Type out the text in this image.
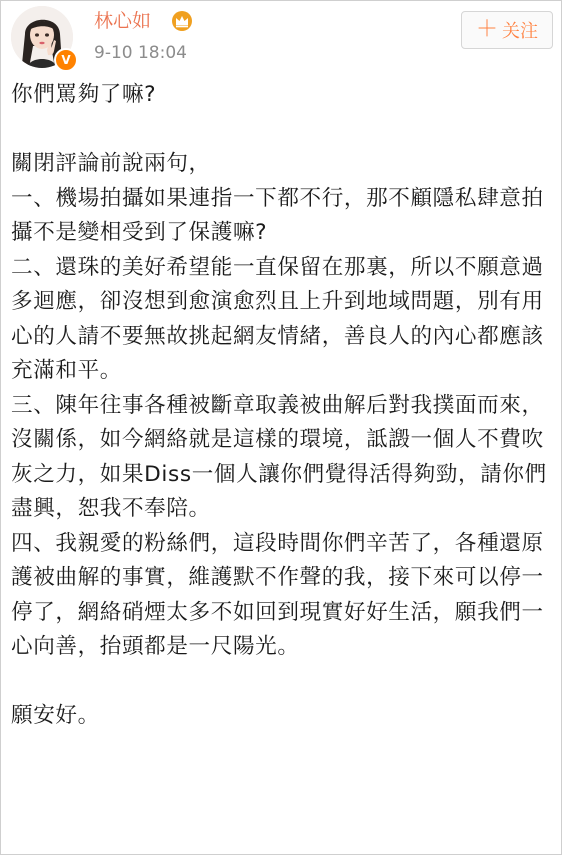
V
林心如
9-10 18:04
＋ 关注

你們罵夠了嘛?

關閉評論前說兩句，

一、機場拍攝如果連指一下都不行，那不顧隱私肆意拍攝不是變相受到了保護嘛?

二、還珠的美好希望能一直保留在那裏，所以不願意過多迴應，卻沒想到愈演愈烈且上升到地域問題，別有用心的人請不要無故挑起網友情緒，善良人的內心都應該充滿和平。

三、陳年往事各種被斷章取義被曲解后對我撲面而來，沒關係，如今網絡就是這樣的環境，詆譭一個人不費吹灰之力，如果Diss一個人讓你們覺得活得夠勁，請你們盡興，恕我不奉陪。

四、我親愛的粉絲們，這段時間你們辛苦了，各種還原護被曲解的事實，維護默不作聲的我，接下來可以停一停了，網絡硝煙太多不如回到現實好好生活，願我們一心向善，抬頭都是一尺陽光。

願安好。
